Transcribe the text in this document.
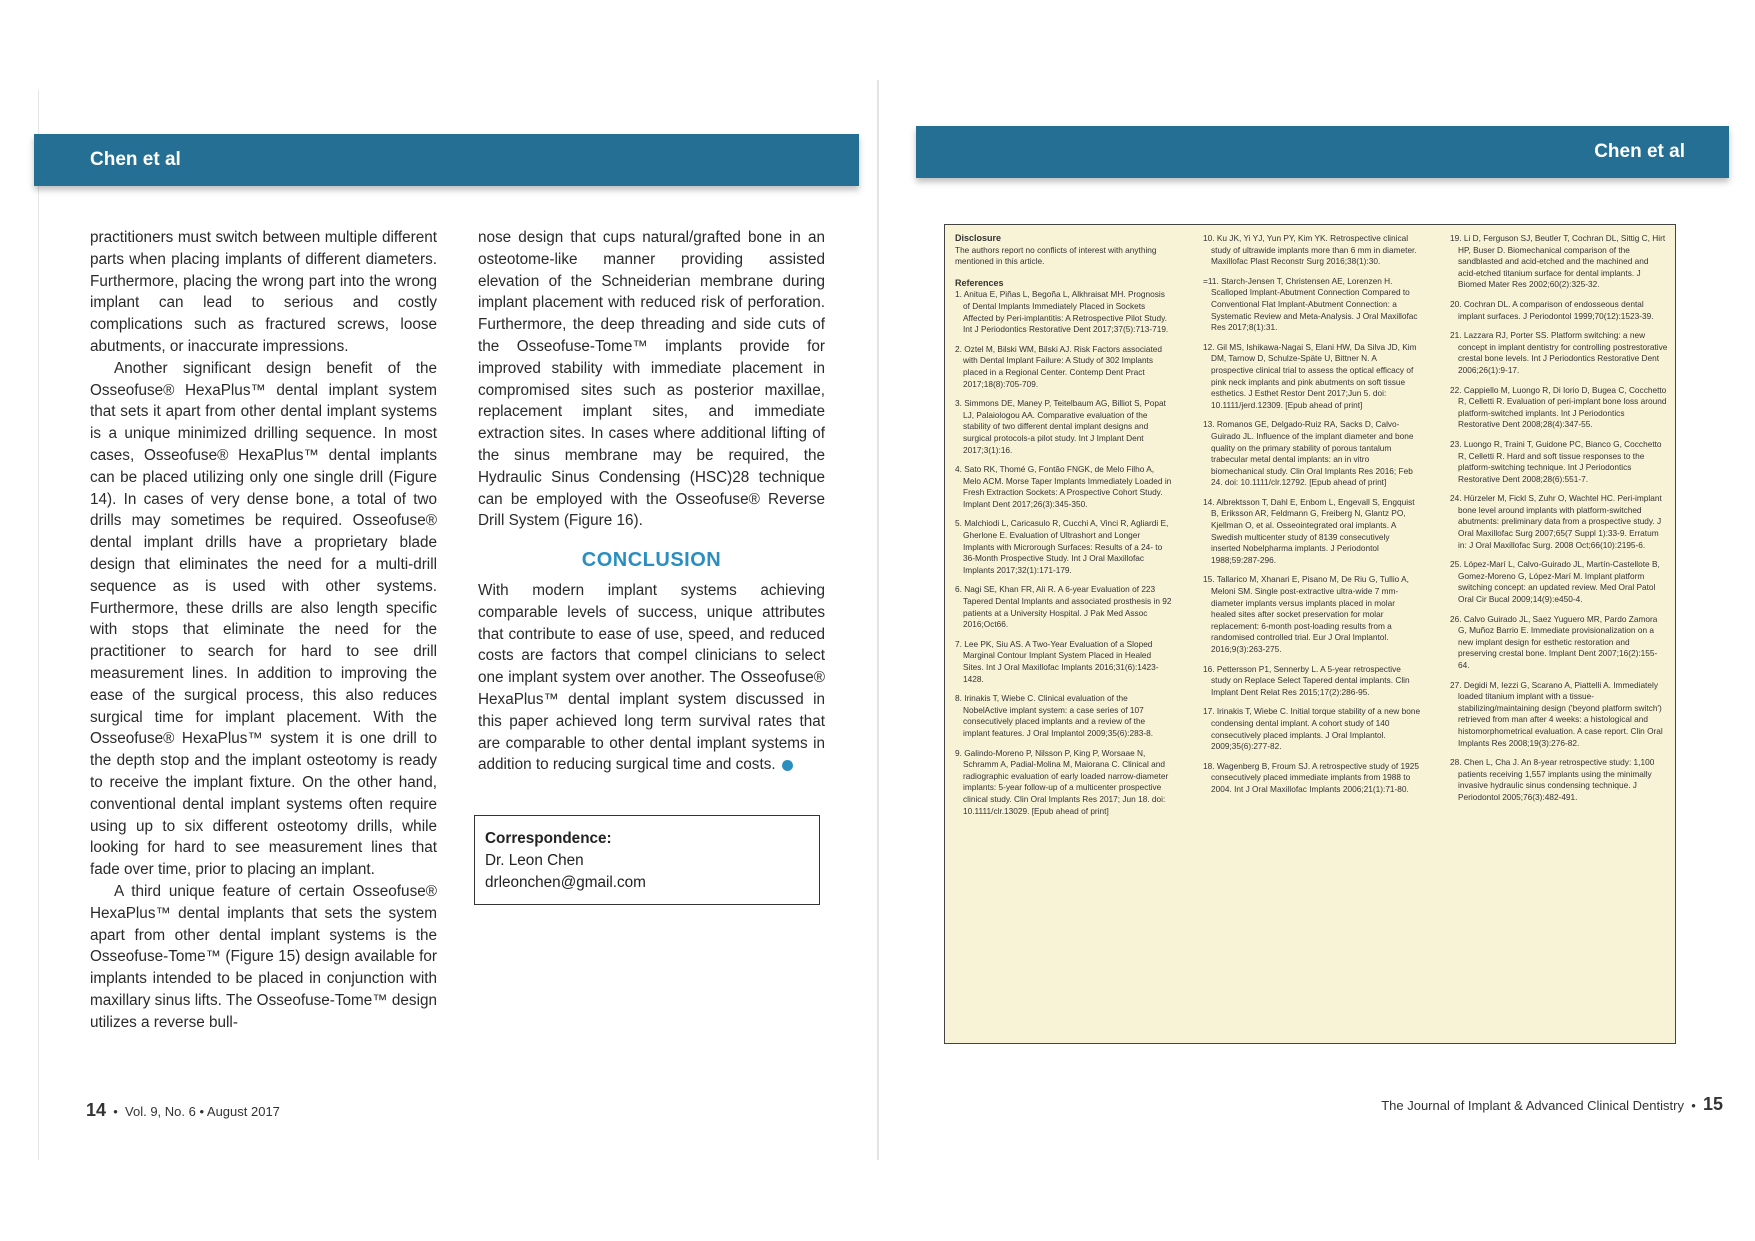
Chen et al

practitioners must switch between multiple different parts when placing implants of different diameters. Furthermore, placing the wrong part into the wrong implant can lead to serious and costly complications such as fractured screws, loose abutments, or inaccurate impressions.

Another significant design benefit of the Osseofuse® HexaPlus™ dental implant system that sets it apart from other dental implant systems is a unique minimized drilling sequence. In most cases, Osseofuse® HexaPlus™ dental implants can be placed utilizing only one single drill (Figure 14). In cases of very dense bone, a total of two drills may sometimes be required. Osseofuse® dental implant drills have a proprietary blade design that eliminates the need for a multi-drill sequence as is used with other systems. Furthermore, these drills are also length specific with stops that eliminate the need for the practitioner to search for hard to see drill measurement lines. In addition to improving the ease of the surgical process, this also reduces surgical time for implant placement. With the Osseofuse® HexaPlus™ system it is one drill to the depth stop and the implant osteotomy is ready to receive the implant fixture. On the other hand, conventional dental implant systems often require using up to six different osteotomy drills, while looking for hard to see measurement lines that fade over time, prior to placing an implant.

A third unique feature of certain Osseofuse® HexaPlus™ dental implants that sets the system apart from other dental implant systems is the Osseofuse-Tome™ (Figure 15) design available for implants intended to be placed in conjunction with maxillary sinus lifts. The Osseofuse-Tome™ design utilizes a reverse bull-

nose design that cups natural/grafted bone in an osteotome-like manner providing assisted elevation of the Schneiderian membrane during implant placement with reduced risk of perforation. Furthermore, the deep threading and side cuts of the Osseofuse-Tome™ implants provide for improved stability with immediate placement in compromised sites such as posterior maxillae, replacement implant sites, and immediate extraction sites. In cases where additional lifting of the sinus membrane may be required, the Hydraulic Sinus Condensing (HSC)28 technique can be employed with the Osseofuse® Reverse Drill System (Figure 16).

CONCLUSION

With modern implant systems achieving comparable levels of success, unique attributes that contribute to ease of use, speed, and reduced costs are factors that compel clinicians to select one implant system over another. The Osseofuse® HexaPlus™ dental implant system discussed in this paper achieved long term survival rates that are comparable to other dental implant systems in addition to reducing surgical time and costs.

Correspondence:
Dr. Leon Chen
drleonchen@gmail.com
14  •  Vol. 9, No. 6 • August 2017
Chen et al
Disclosure
The authors report no conflicts of interest with anything mentioned in this article.
References
1. Anitua E, Piñas L, Begoña L, Alkhraisat MH. Prognosis of Dental Implants Immediately Placed in Sockets Affected by Peri-implantitis: A Retrospective Pilot Study. Int J Periodontics Restorative Dent 2017;37(5):713-719.
2. Oztel M, Bilski WM, Bilski AJ. Risk Factors associated with Dental Implant Failure: A Study of 302 Implants placed in a Regional Center. Contemp Dent Pract 2017;18(8):705-709.
3. Simmons DE, Maney P, Teitelbaum AG, Billiot S, Popat LJ, Palaiologou AA. Comparative evaluation of the stability of two different dental implant designs and surgical protocols-a pilot study. Int J Implant Dent 2017;3(1):16.
4. Sato RK, Thomé G, Fontão FNGK, de Melo Filho A, Melo ACM. Morse Taper Implants Immediately Loaded in Fresh Extraction Sockets: A Prospective Cohort Study. Implant Dent 2017;26(3):345-350.
5. Malchiodi L, Caricasulo R, Cucchi A, Vinci R, Agliardi E, Gherlone E. Evaluation of Ultrashort and Longer Implants with Microrough Surfaces: Results of a 24- to 36-Month Prospective Study. Int J Oral Maxillofac Implants 2017;32(1):171-179.
6. Nagi SE, Khan FR, Ali R. A 6-year Evaluation of 223 Tapered Dental Implants and associated prosthesis in 92 patients at a University Hospital. J Pak Med Assoc 2016;Oct66.
7. Lee PK, Siu AS. A Two-Year Evaluation of a Sloped Marginal Contour Implant System Placed in Healed Sites. Int J Oral Maxillofac Implants 2016;31(6):1423-1428.
8. Irinakis T, Wiebe C. Clinical evaluation of the NobelActive implant system: a case series of 107 consecutively placed implants and a review of the implant features. J Oral Implantol 2009;35(6):283-8.
9. Galindo-Moreno P, Nilsson P, King P, Worsaae N, Schramm A, Padial-Molina M, Maiorana C. Clinical and radiographic evaluation of early loaded narrow-diameter implants: 5-year follow-up of a multicenter prospective clinical study. Clin Oral Implants Res 2017; Jun 18. doi: 10.1111/clr.13029. [Epub ahead of print]
10. Ku JK, Yi YJ, Yun PY, Kim YK. Retrospective clinical study of ultrawide implants more than 6 mm in diameter. Maxillofac Plast Reconstr Surg 2016;38(1):30.
=11. Starch-Jensen T, Christensen AE, Lorenzen H. Scalloped Implant-Abutment Connection Compared to Conventional Flat Implant-Abutment Connection: a Systematic Review and Meta-Analysis. J Oral Maxillofac Res 2017;8(1):31.
12. Gil MS, Ishikawa-Nagai S, Elani HW, Da Silva JD, Kim DM, Tarnow D, Schulze-Späte U, Bittner N. A prospective clinical trial to assess the optical efficacy of pink neck implants and pink abutments on soft tissue esthetics. J Esthet Restor Dent 2017;Jun 5. doi: 10.1111/jerd.12309. [Epub ahead of print]
13. Romanos GE, Delgado-Ruiz RA, Sacks D, Calvo-Guirado JL. Influence of the implant diameter and bone quality on the primary stability of porous tantalum trabecular metal dental implants: an in vitro biomechanical study. Clin Oral Implants Res 2016; Feb 24. doi: 10.1111/clr.12792. [Epub ahead of print]
14. Albrektsson T, Dahl E, Enbom L, Engevall S, Engquist B, Eriksson AR, Feldmann G, Freiberg N, Glantz PO, Kjellman O, et al. Osseointegrated oral implants. A Swedish multicenter study of 8139 consecutively inserted Nobelpharma implants. J Periodontol 1988;59:287-296.
15. Tallarico M, Xhanari E, Pisano M, De Riu G, Tullio A, Meloni SM. Single post-extractive ultra-wide 7 mm-diameter implants versus implants placed in molar healed sites after socket preservation for molar replacement: 6-month post-loading results from a randomised controlled trial. Eur J Oral Implantol. 2016;9(3):263-275.
16. Pettersson P1, Sennerby L. A 5-year retrospective study on Replace Select Tapered dental implants. Clin Implant Dent Relat Res 2015;17(2):286-95.
17. Irinakis T, Wiebe C. Initial torque stability of a new bone condensing dental implant. A cohort study of 140 consecutively placed implants. J Oral Implantol. 2009;35(6):277-82.
18. Wagenberg B, Froum SJ. A retrospective study of 1925 consecutively placed immediate implants from 1988 to 2004. Int J Oral Maxillofac Implants 2006;21(1):71-80.
19. Li D, Ferguson SJ, Beutler T, Cochran DL, Sittig C, Hirt HP, Buser D. Biomechanical comparison of the sandblasted and acid-etched and the machined and acid-etched titanium surface for dental implants. J Biomed Mater Res 2002;60(2):325-32.
20. Cochran DL. A comparison of endosseous dental implant surfaces. J Periodontol 1999;70(12):1523-39.
21. Lazzara RJ, Porter SS. Platform switching: a new concept in implant dentistry for controlling postrestorative crestal bone levels. Int J Periodontics Restorative Dent 2006;26(1):9-17.
22. Cappiello M, Luongo R, Di Iorio D, Bugea C, Cocchetto R, Celletti R. Evaluation of peri-implant bone loss around platform-switched implants. Int J Periodontics Restorative Dent 2008;28(4):347-55.
23. Luongo R, Traini T, Guidone PC, Bianco G, Cocchetto R, Celletti R. Hard and soft tissue responses to the platform-switching technique. Int J Periodontics Restorative Dent 2008;28(6):551-7.
24. Hürzeler M, Fickl S, Zuhr O, Wachtel HC. Peri-implant bone level around implants with platform-switched abutments: preliminary data from a prospective study. J Oral Maxillofac Surg 2007;65(7 Suppl 1):33-9. Erratum in: J Oral Maxillofac Surg. 2008 Oct;66(10):2195-6.
25. López-Marí L, Calvo-Guirado JL, Martín-Castellote B, Gomez-Moreno G, López-Marí M. Implant platform switching concept: an updated review. Med Oral Patol Oral Cir Bucal 2009;14(9):e450-4.
26. Calvo Guirado JL, Saez Yuguero MR, Pardo Zamora G, Muñoz Barrio E. Immediate provisionalization on a new implant design for esthetic restoration and preserving crestal bone. Implant Dent 2007;16(2):155-64.
27. Degidi M, Iezzi G, Scarano A, Piattelli A. Immediately loaded titanium implant with a tissue-stabilizing/maintaining design ('beyond platform switch') retrieved from man after 4 weeks: a histological and histomorphometrical evaluation. A case report. Clin Oral Implants Res 2008;19(3):276-82.
28. Chen L, Cha J. An 8-year retrospective study: 1,100 patients receiving 1,557 implants using the minimally invasive hydraulic sinus condensing technique. J Periodontol 2005;76(3):482-491.
The Journal of Implant & Advanced Clinical Dentistry  •  15
